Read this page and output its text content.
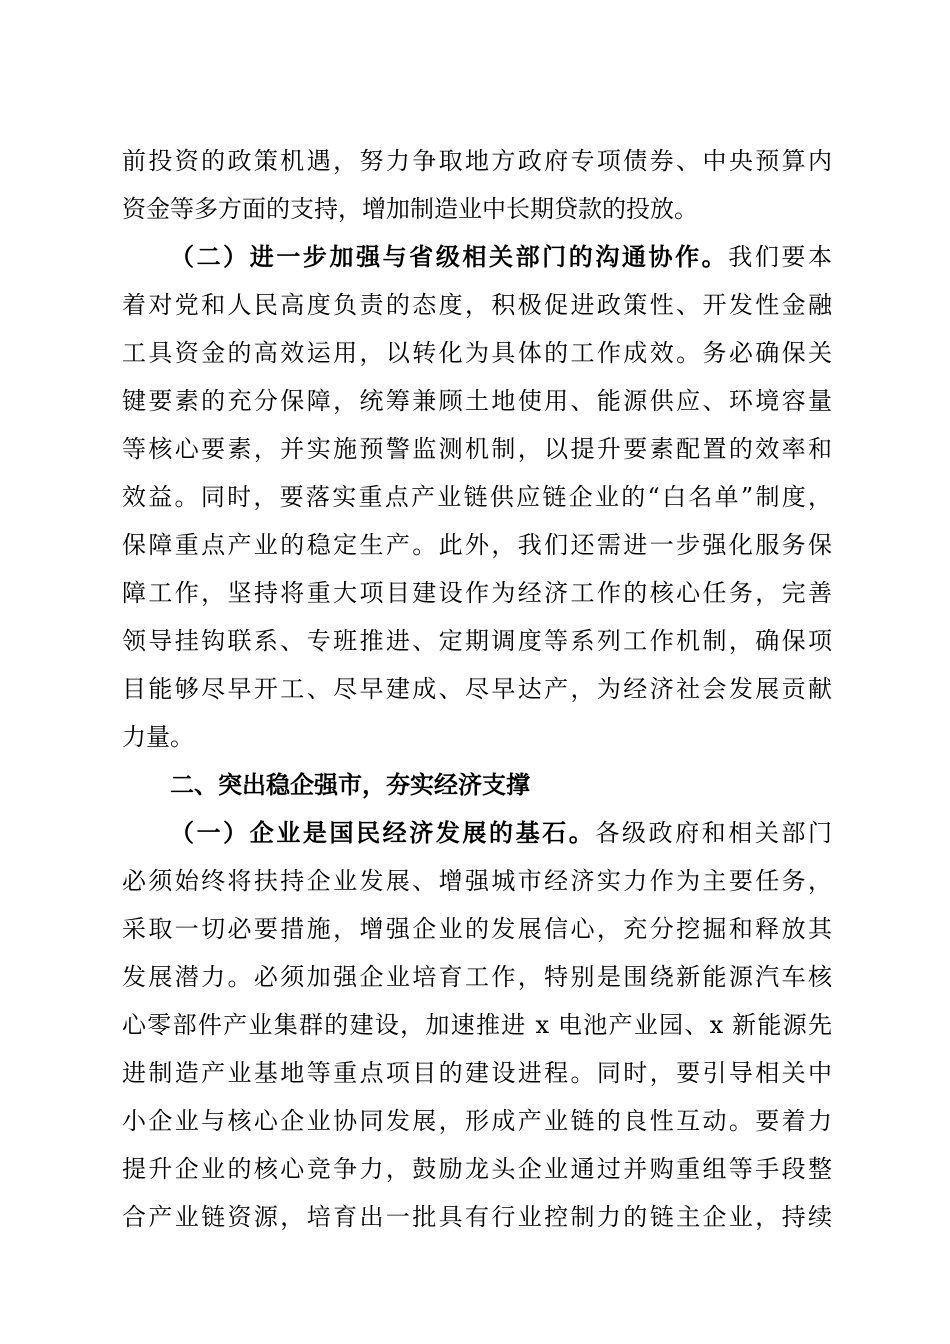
前投资的政策机遇，努力争取地方政府专项债券、中央预算内
资金等多方面的支持，增加制造业中长期贷款的投放。
（二）进一步加强与省级相关部门的沟通协作。我们要本
着对党和人民高度负责的态度，积极促进政策性、开发性金融
工具资金的高效运用，以转化为具体的工作成效。务必确保关
键要素的充分保障，统筹兼顾土地使用、能源供应、环境容量
等核心要素，并实施预警监测机制，以提升要素配置的效率和
效益。同时，要落实重点产业链供应链企业的“白名单”制度，
保障重点产业的稳定生产。此外，我们还需进一步强化服务保
障工作，坚持将重大项目建设作为经济工作的核心任务，完善
领导挂钩联系、专班推进、定期调度等系列工作机制，确保项
目能够尽早开工、尽早建成、尽早达产，为经济社会发展贡献
力量。
二、突出稳企强市，夯实经济支撑
（一）企业是国民经济发展的基石。各级政府和相关部门
必须始终将扶持企业发展、增强城市经济实力作为主要任务，
采取一切必要措施，增强企业的发展信心，充分挖掘和释放其
发展潜力。必须加强企业培育工作，特别是围绕新能源汽车核
心零部件产业集群的建设，加速推进 x 电池产业园、x 新能源先
进制造产业基地等重点项目的建设进程。同时，要引导相关中
小企业与核心企业协同发展，形成产业链的良性互动。要着力
提升企业的核心竞争力，鼓励龙头企业通过并购重组等手段整
合产业链资源，培育出一批具有行业控制力的链主企业，持续
